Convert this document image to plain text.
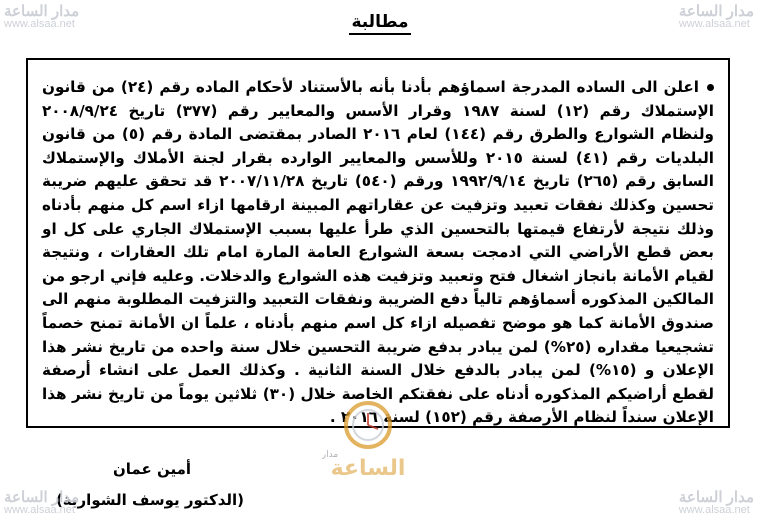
مطالبة

اعلن الى الساده المدرجة اسماؤهم بأدنا بأنه بالأستناد لأحكام الماده رقم (٢٤) من قانون الإستملاك رقم (١٢) لسنة ١٩٨٧ وقرار الأسس والمعايير رقم (٣٧٧) تاريخ ٢٠٠٨/٩/٢٤ ولنظام الشوارع والطرق رقم (١٤٤) لعام ٢٠١٦ الصادر بمقتضى المادة رقم (٥) من قانون البلديات رقم (٤١) لسنة ٢٠١٥ وللأسس والمعايير الوارده بقرار لجنة الأملاك والإستملاك السابق رقم (٢٦٥) تاريخ ١٩٩٢/٩/١٤ ورقم (٥٤٠) تاريخ ٢٠٠٧/١١/٢٨ قد تحقق عليهم ضريبة تحسين وكذلك نفقات تعبيد وتزفيت عن عقاراتهم المبينة ارقامها ازاء اسم كل منهم بأدناه وذلك نتيجة لأرتفاع قيمتها بالتحسين الذي طرأ عليها بسبب الإستملاك الجاري على كل او بعض قطع الأراضي التي ادمجت بسعة الشوارع العامة المارة امام تلك العقارات ، ونتيجة لقيام الأمانة بانجاز اشغال فتح وتعبيد وتزفيت هذه الشوارع والدخلات. وعليه فإني ارجو من المالكين المذكوره أسماؤهم تالياً دفع الضريبة ونفقات التعبيد والتزفيت المطلوبة منهم الى صندوق الأمانة كما هو موضح تفصيله ازاء كل اسم منهم بأدناه ، علماً ان الأمانة تمنح خصماً تشجيعيا مقداره (٢٥%) لمن يبادر بدفع ضريبة التحسين خلال سنة واحده من تاريخ نشر هذا الإعلان و (١٥%) لمن يبادر بالدفع خلال السنة الثانية . وكذلك العمل على انشاء أرصفة لقطع أراضيكم المذكوره أدناه على نفقتكم الخاصة خلال (٣٠) ثلاثين يوماً من تاريخ نشر هذا الإعلان سنداً لنظام الأرصفة رقم (١٥٢) لسنة ٢٠١٦ .

أمين عمان
(الدكتور يوسف الشواربة)
مدار الساعة
www.alsaa.net
مدار الساعة
www.alsaa.net
مدار الساعة
www.alsaa.net
مدار الساعة
www.alsaa.net
الساعة
مدار
